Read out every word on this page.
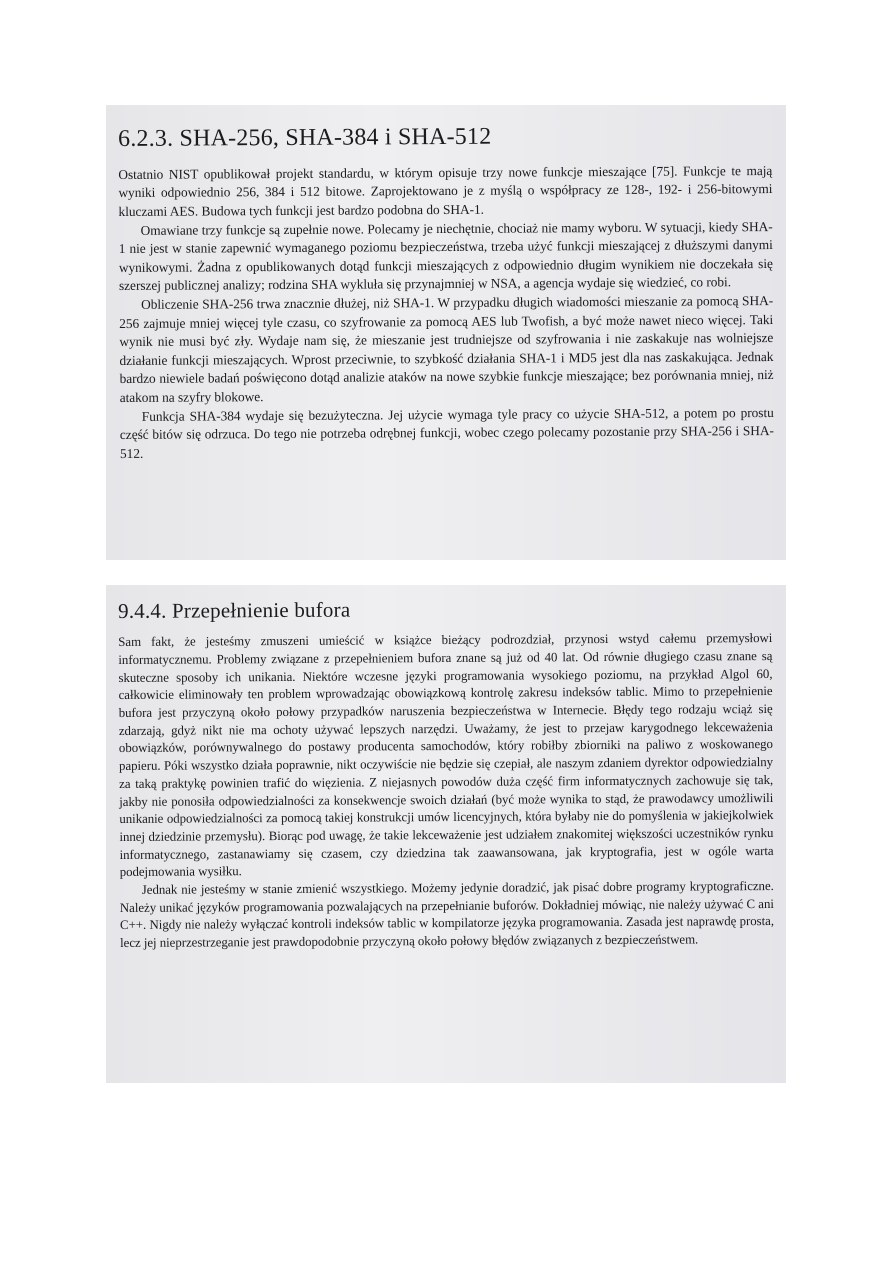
6.2.3. SHA-256, SHA-384 i SHA-512

Ostatnio NIST opublikował projekt standardu, w którym opisuje trzy nowe funkcje mieszające [75]. Funkcje te mają wyniki odpowiednio 256, 384 i 512 bitowe. Zaprojektowano je z myślą o współpracy ze 128-, 192- i 256-bitowymi kluczami AES. Budowa tych funkcji jest bardzo podobna do SHA-1.

Omawiane trzy funkcje są zupełnie nowe. Polecamy je niechętnie, chociaż nie mamy wyboru. W sytuacji, kiedy SHA-1 nie jest w stanie zapewnić wymaganego poziomu bezpieczeństwa, trzeba użyć funkcji mieszającej z dłuższymi danymi wynikowymi. Żadna z opublikowanych dotąd funkcji mieszających z odpowiednio długim wynikiem nie doczekała się szerszej publicznej analizy; rodzina SHA wykluła się przynajmniej w NSA, a agencja wydaje się wiedzieć, co robi.

Obliczenie SHA-256 trwa znacznie dłużej, niż SHA-1. W przypadku długich wiadomości mieszanie za pomocą SHA-256 zajmuje mniej więcej tyle czasu, co szyfrowanie za pomocą AES lub Twofish, a być może nawet nieco więcej. Taki wynik nie musi być zły. Wydaje nam się, że mieszanie jest trudniejsze od szyfrowania i nie zaskakuje nas wolniejsze działanie funkcji mieszających. Wprost przeciwnie, to szybkość działania SHA-1 i MD5 jest dla nas zaskakująca. Jednak bardzo niewiele badań poświęcono dotąd analizie ataków na nowe szybkie funkcje mieszające; bez porównania mniej, niż atakom na szyfry blokowe.

Funkcja SHA-384 wydaje się bezużyteczna. Jej użycie wymaga tyle pracy co użycie SHA-512, a potem po prostu część bitów się odrzuca. Do tego nie potrzeba odrębnej funkcji, wobec czego polecamy pozostanie przy SHA-256 i SHA-512.

9.4.4. Przepełnienie bufora

Sam fakt, że jesteśmy zmuszeni umieścić w książce bieżący podrozdział, przynosi wstyd całemu przemysłowi informatycznemu. Problemy związane z przepełnieniem bufora znane są już od 40 lat. Od równie długiego czasu znane są skuteczne sposoby ich unikania. Niektóre wczesne języki programowania wysokiego poziomu, na przykład Algol 60, całkowicie eliminowały ten problem wprowadzając obowiązkową kontrolę zakresu indeksów tablic. Mimo to przepełnienie bufora jest przyczyną około połowy przypadków naruszenia bezpieczeństwa w Internecie. Błędy tego rodzaju wciąż się zdarzają, gdyż nikt nie ma ochoty używać lepszych narzędzi. Uważamy, że jest to przejaw karygodnego lekceważenia obowiązków, porównywalnego do postawy producenta samochodów, który robiłby zbiorniki na paliwo z woskowanego papieru. Póki wszystko działa poprawnie, nikt oczywiście nie będzie się czepiał, ale naszym zdaniem dyrektor odpowiedzialny za taką praktykę powinien trafić do więzienia. Z niejasnych powodów duża część firm informatycznych zachowuje się tak, jakby nie ponosiła odpowiedzialności za konsekwencje swoich działań (być może wynika to stąd, że prawodawcy umożliwili unikanie odpowiedzialności za pomocą takiej konstrukcji umów licencyjnych, która byłaby nie do pomyślenia w jakiejkolwiek innej dziedzinie przemysłu). Biorąc pod uwagę, że takie lekceważenie jest udziałem znakomitej większości uczestników rynku informatycznego, zastanawiamy się czasem, czy dziedzina tak zaawansowana, jak kryptografia, jest w ogóle warta podejmowania wysiłku.

Jednak nie jesteśmy w stanie zmienić wszystkiego. Możemy jedynie doradzić, jak pisać dobre programy kryptograficzne. Należy unikać języków programowania pozwalających na przepełnianie buforów. Dokładniej mówiąc, nie należy używać C ani C++. Nigdy nie należy wyłączać kontroli indeksów tablic w kompilatorze języka programowania. Zasada jest naprawdę prosta, lecz jej nieprzestrzeganie jest prawdopodobnie przyczyną około połowy błędów związanych z bezpieczeństwem.
